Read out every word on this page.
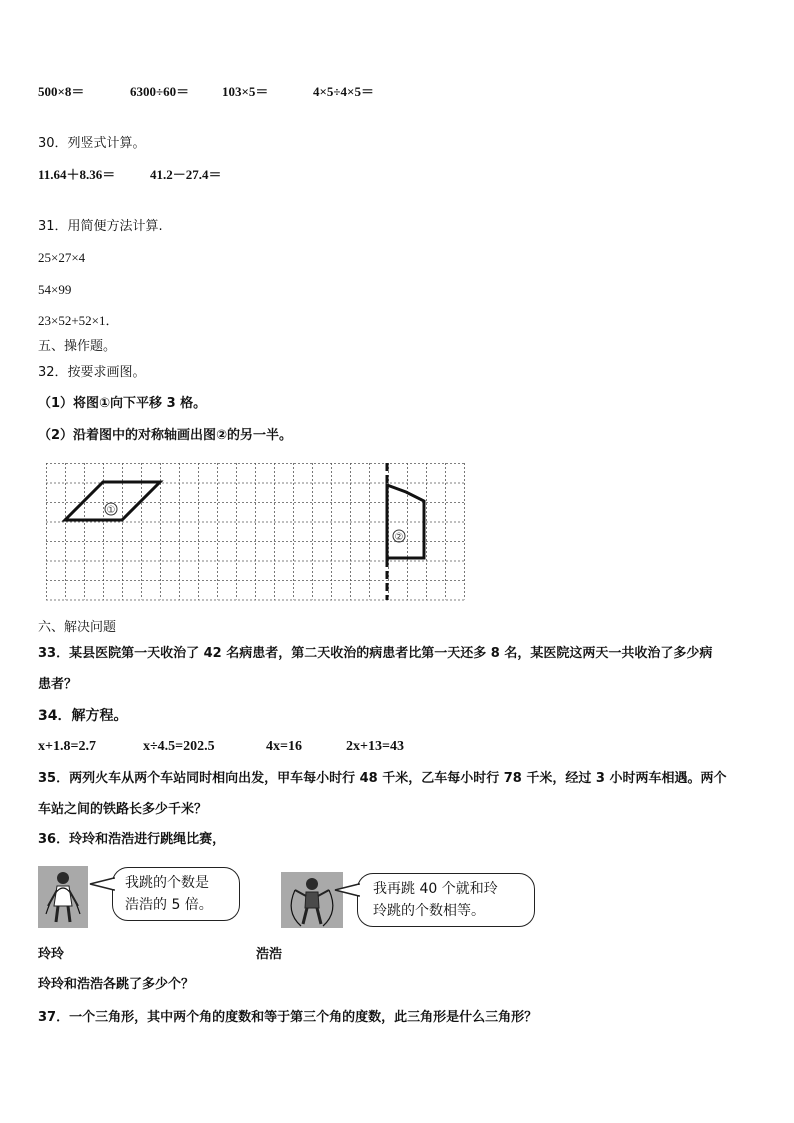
500×8＝	6300÷60＝	103×5＝	4×5÷4×5＝
30．列竖式计算。
11.64＋8.36＝	41.2－27.4＝
31．用简便方法计算.
25×27×4
54×99
23×52+52×1．
五、操作题。
32．按要求画图。
（1）将图①向下平移 3 格。
（2）沿着图中的对称轴画出图②的另一半。
①
②
六、解决问题
33．某县医院第一天收治了 42 名病患者，第二天收治的病患者比第一天还多 8 名，某医院这两天一共收治了多少病
患者？
34．解方程。
x+1.8=2.7	x÷4.5=202.5	4x=16	2x+13=43
35．两列火车从两个车站同时相向出发，甲车每小时行 48 千米，乙车每小时行 78 千米，经过 3 小时两车相遇。两个
车站之间的铁路长多少千米？
36．玲玲和浩浩进行跳绳比赛，
我跳的个数是
浩浩的 5 倍。
我再跳 40 个就和玲
玲跳的个数相等。
玲玲	浩浩
玲玲和浩浩各跳了多少个？
37．一个三角形，其中两个角的度数和等于第三个角的度数，此三角形是什么三角形？
